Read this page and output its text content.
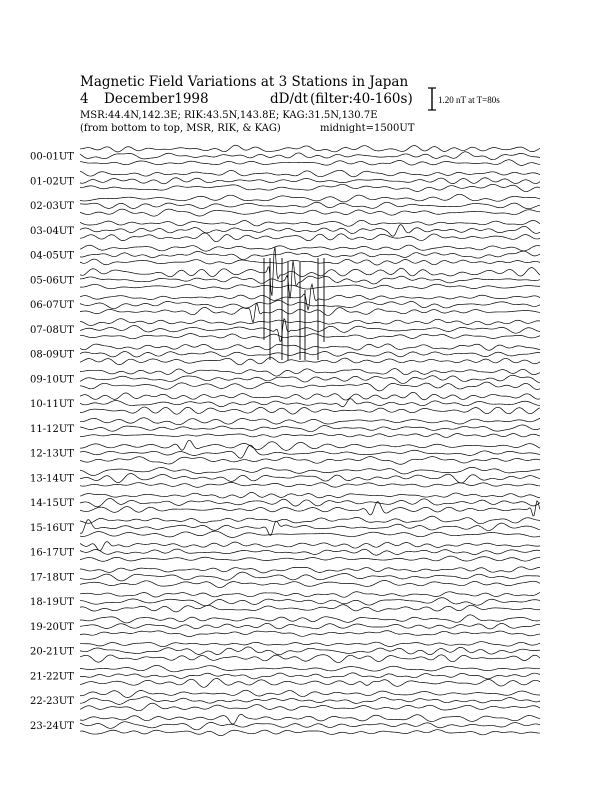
Magnetic Field Variations at 3 Stations in Japan
4 December1998	dD/dt (filter:40-160s)
MSR:44.4N,142.3E; RIK:43.5N,143.8E; KAG:31.5N,130.7E
(from bottom to top, MSR, RIK, & KAG)	midnight=1500UT
1.20 nT at T=80s
00-01UT
01-02UT
02-03UT
03-04UT
04-05UT
05-06UT
06-07UT
07-08UT
08-09UT
09-10UT
10-11UT
11-12UT
12-13UT
13-14UT
14-15UT
15-16UT
16-17UT
17-18UT
18-19UT
19-20UT
20-21UT
21-22UT
22-23UT
23-24UT
